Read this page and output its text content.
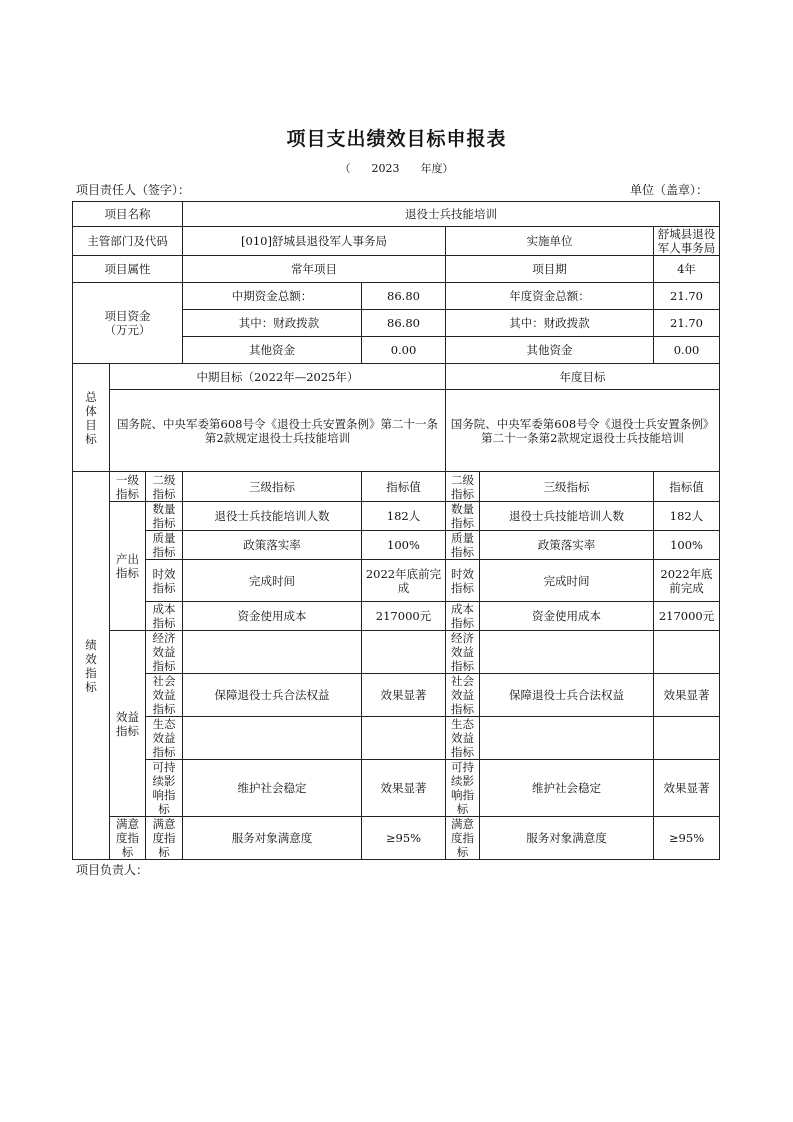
项目支出绩效目标申报表
（ 2023 年度）
项目责任人（签字）：	单位（盖章）：
项目名称			退役士兵技能培训				
主管部门及代码			[010]舒城县退役军人事务局		实施单位		舒城县退役军人事务局
项目属性			常年项目		项目期		4年

项目资金
（万元）			中期资金总额：	86.80	年度资金总额：		21.70
			其中：财政拨款	86.80	其中：财政拨款		21.70
			其他资金	0.00	其他资金		0.00

总体目标	中期目标（2022年—2025年）				年度目标		
	国务院、中央军委第608号令《退役士兵安置条例》第二十一条第2款规定退役士兵技能培训				国务院、中央军委第608号令《退役士兵安置条例》第二十一条第2款规定退役士兵技能培训		

绩效指标	一级指标	二级指标	三级指标	指标值	二级指标	三级指标	指标值

	产出指标	数量指标	退役士兵技能培训人数	182人	数量指标	退役士兵技能培训人数	182人
		质量指标	政策落实率	100%	质量指标	政策落实率	100%
		时效指标	完成时间	2022年底前完成	时效指标	完成时间	2022年底前完成
		成本指标	资金使用成本	217000元	成本指标	资金使用成本	217000元

	效益指标	经济效益指标			经济效益指标		
		社会效益指标	保障退役士兵合法权益	效果显著	社会效益指标	保障退役士兵合法权益	效果显著
		生态效益指标			生态效益指标		
		可持续影响指标	维护社会稳定	效果显著	可持续影响指标	维护社会稳定	效果显著
	满意度指标	满意度指标	服务对象满意度	≥95%	满意度指标	服务对象满意度	≥95%
项目负责人：
